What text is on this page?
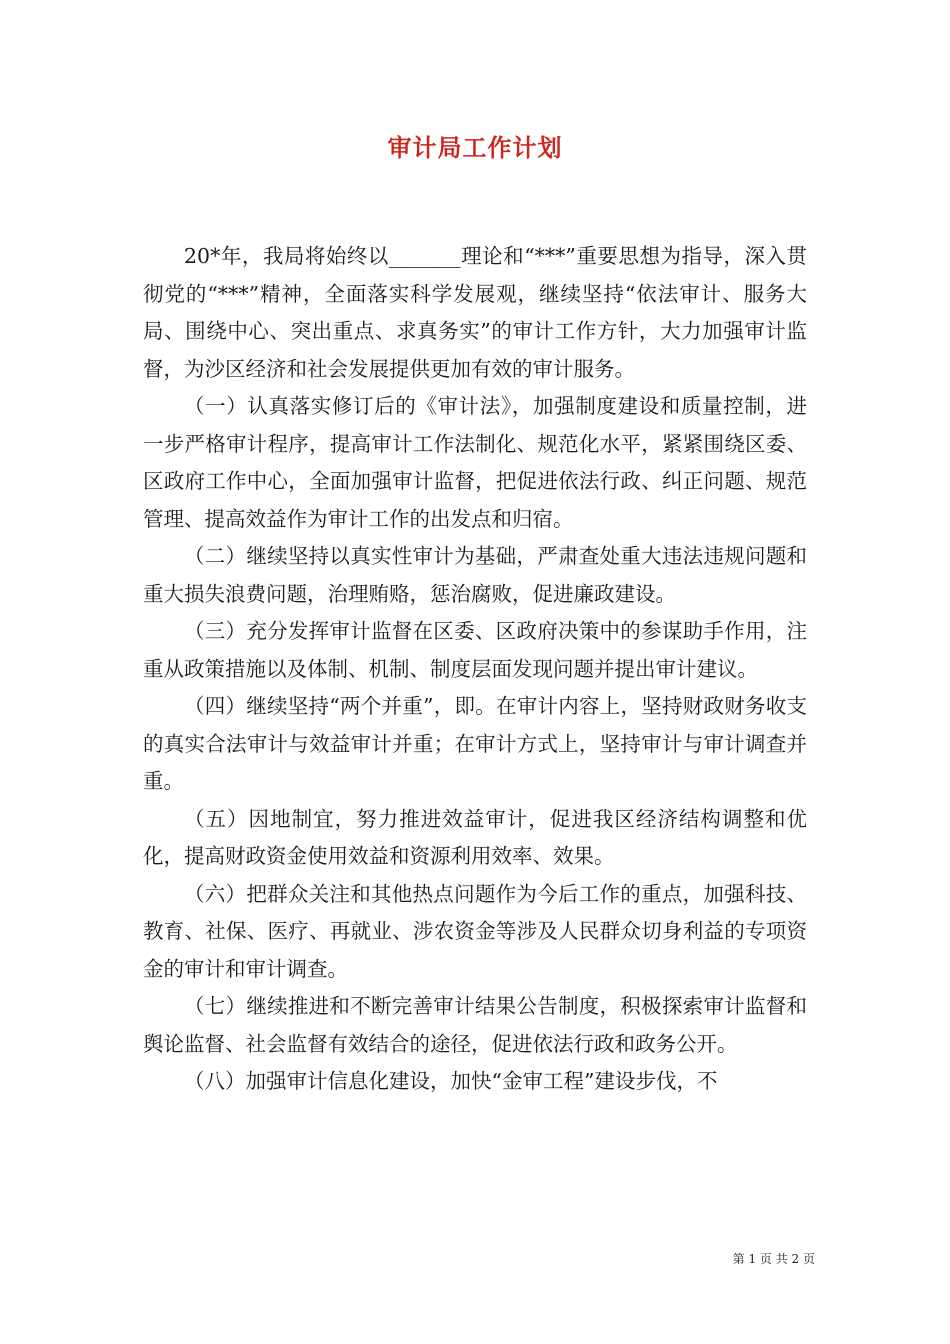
审计局工作计划

20*年，我局将始终以_______理论和“***”重要思想为指导，深入贯彻党的“***”精神，全面落实科学发展观，继续坚持“依法审计、服务大局、围绕中心、突出重点、求真务实”的审计工作方针，大力加强审计监督，为沙区经济和社会发展提供更加有效的审计服务。

（一）认真落实修订后的《审计法》，加强制度建设和质量控制，进一步严格审计程序，提高审计工作法制化、规范化水平，紧紧围绕区委、区政府工作中心，全面加强审计监督，把促进依法行政、纠正问题、规范管理、提高效益作为审计工作的出发点和归宿。

（二）继续坚持以真实性审计为基础，严肃查处重大违法违规问题和重大损失浪费问题，治理贿赂，惩治腐败，促进廉政建设。

（三）充分发挥审计监督在区委、区政府决策中的参谋助手作用，注重从政策措施以及体制、机制、制度层面发现问题并提出审计建议。

（四）继续坚持“两个并重”，即。在审计内容上，坚持财政财务收支的真实合法审计与效益审计并重；在审计方式上，坚持审计与审计调查并重。

（五）因地制宜，努力推进效益审计，促进我区经济结构调整和优化，提高财政资金使用效益和资源利用效率、效果。

（六）把群众关注和其他热点问题作为今后工作的重点，加强科技、教育、社保、医疗、再就业、涉农资金等涉及人民群众切身利益的专项资金的审计和审计调查。

（七）继续推进和不断完善审计结果公告制度，积极探索审计监督和舆论监督、社会监督有效结合的途径，促进依法行政和政务公开。

（八）加强审计信息化建设，加快“金审工程”建设步伐，不

第 1 页 共 2 页
